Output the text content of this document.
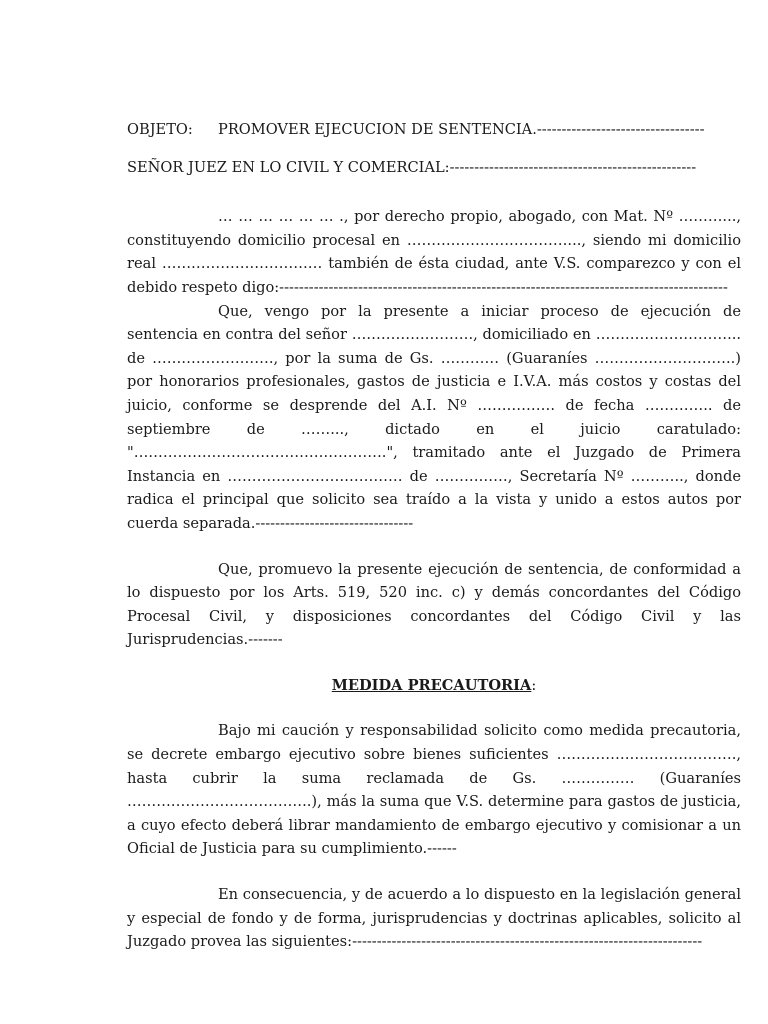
OBJETO: PROMOVER EJECUCION DE SENTENCIA.----------------------------------
SEÑOR JUEZ EN LO CIVIL Y COMERCIAL:--------------------------------------------------

… … … … … … ., por derecho propio, abogado, con Mat. Nº ………..., constituyendo domicilio procesal en ……………………………..., siendo mi domicilio real …………………………… también de ésta ciudad, ante V.S. comparezco y con el debido respeto digo:-------------------------------------------------------------------------------------------

Que, vengo por la presente a iniciar proceso de ejecución de sentencia en contra del señor ……………………., domiciliado en ………………………... de ……………………., por la suma de Gs. ………… (Guaraníes ………………………..) por honorarios profesionales, gastos de justicia e I.V.A. más costos y costas del juicio, conforme se desprende del A.I. Nº ……………. de fecha ………….. de septiembre de ……..., dictado en el juicio caratulado: "…………………………………………….", tramitado ante el Juzgado de Primera Instancia en ……………………………… de ……………, Secretaría Nº ……….., donde radica el principal que solicito sea traído a la vista y unido a estos autos por cuerda separada.--------------------------------

Que, promuevo la presente ejecución de sentencia, de conformidad a lo dispuesto por los Arts. 519, 520 inc. c) y demás concordantes del Código Procesal Civil, y disposiciones concordantes del Código Civil y las Jurisprudencias.-------

MEDIDA PRECAUTORIA:

Bajo mi caución y responsabilidad solicito como medida precautoria, se decrete embargo ejecutivo sobre bienes suficientes ………………………………., hasta cubrir la suma reclamada de Gs. …………… (Guaraníes ………………………………..), más la suma que V.S. determine para gastos de justicia, a cuyo efecto deberá librar mandamiento de embargo ejecutivo y comisionar a un Oficial de Justicia para su cumplimiento.------

En consecuencia, y de acuerdo a lo dispuesto en la legislación general y especial de fondo y de forma, jurisprudencias y doctrinas aplicables, solicito al Juzgado provea las siguientes:-----------------------------------------------------------------------
